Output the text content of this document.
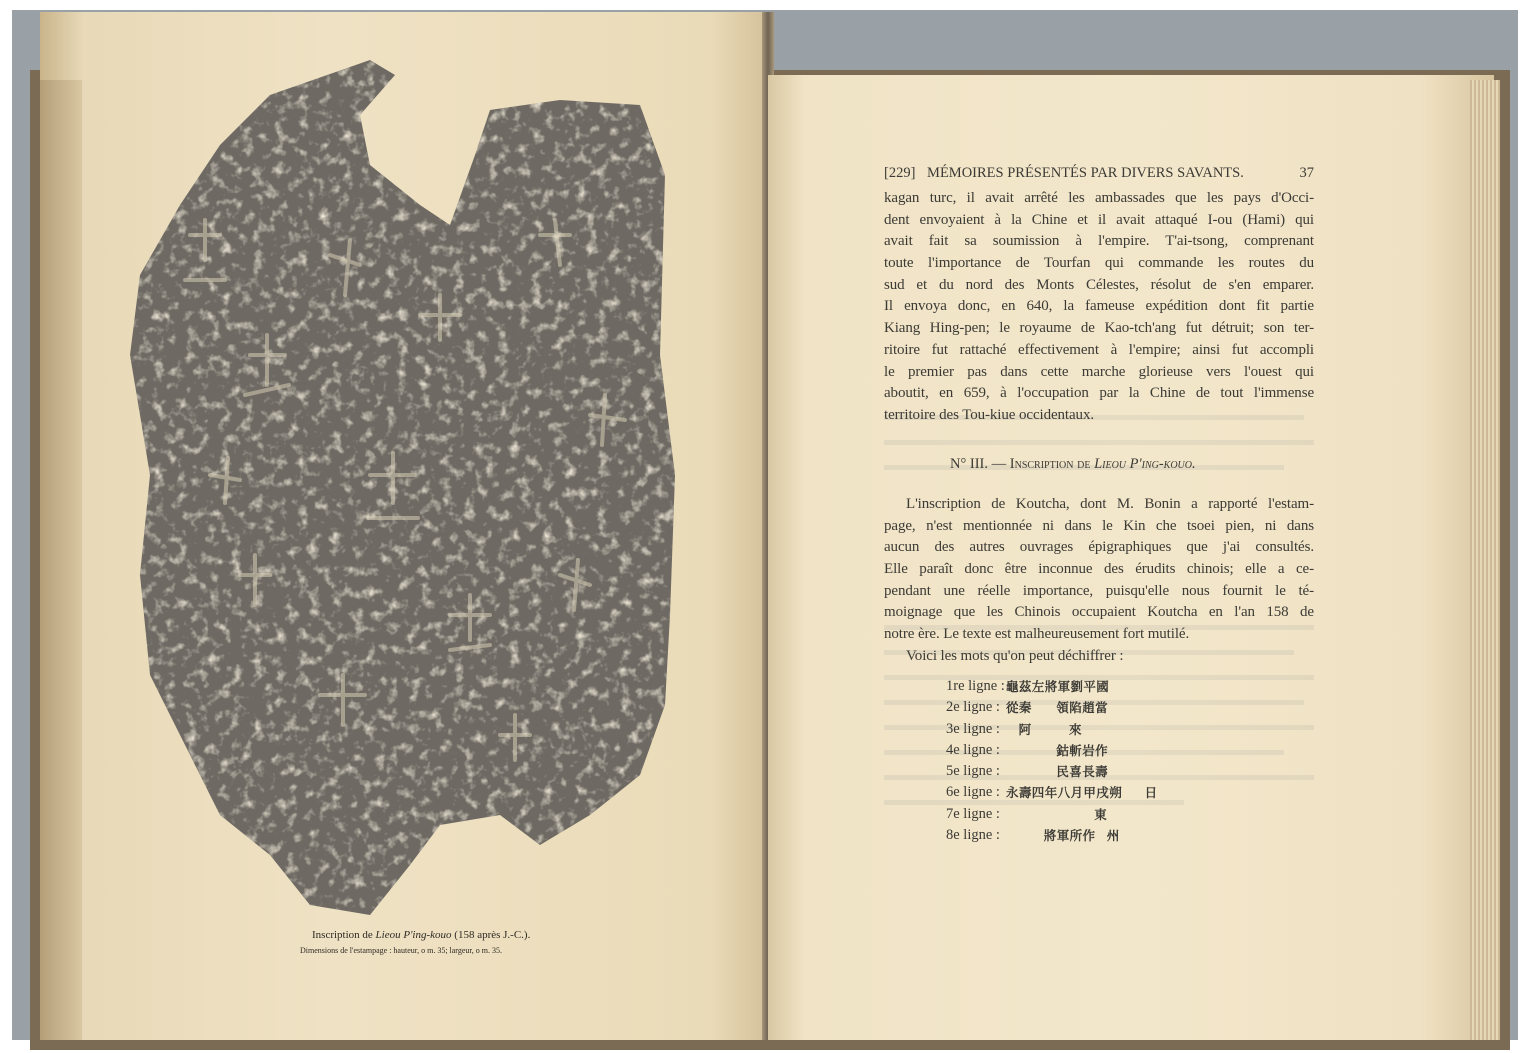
Inscription de Lieou P'ing-kouo (158 après J.-C.).
Dimensions de l'estampage : hauteur, o m. 35; largeur, o m. 35.
[229] MÉMOIRES PRÉSENTÉS PAR DIVERS SAVANTS.	37
kagan turc, il avait arrêté les ambassades que les pays d'Occi-
dent envoyaient à la Chine et il avait attaqué I-ou (Hami) qui
avait fait sa soumission à l'empire. T'ai-tsong, comprenant
toute l'importance de Tourfan qui commande les routes du
sud et du nord des Monts Célestes, résolut de s'en emparer.
Il envoya donc, en 640, la fameuse expédition dont fit partie
Kiang Hing-pen; le royaume de Kao-tch'ang fut détruit; son ter-
ritoire fut rattaché effectivement à l'empire; ainsi fut accompli
le premier pas dans cette marche glorieuse vers l'ouest qui
aboutit, en 659, à l'occupation par la Chine de tout l'immense
territoire des Tou-kiue occidentaux.
N° III. — Inscription de Lieou P'ing-kouo.
L'inscription de Koutcha, dont M. Bonin a rapporté l'estam-
page, n'est mentionnée ni dans le Kin che tsoei pien, ni dans
aucun des autres ouvrages épigraphiques que j'ai consultés.
Elle paraît donc être inconnue des érudits chinois; elle a ce-
pendant une réelle importance, puisqu'elle nous fournit le té-
moignage que les Chinois occupaient Koutcha en l'an 158 de
notre ère. Le texte est malheureusement fort mutilé.
Voici les mots qu'on peut déchiffrer :
1re ligne : 龜茲左將軍劉平國
2e ligne : 從秦 領陷趙當
3e ligne : 阿	來
4e ligne :	鈷斬岩作
5e ligne :	民喜長壽
6e ligne : 永壽四年八月甲戌朔 日
7e ligne :	東
8e ligne :	將軍所作 州
